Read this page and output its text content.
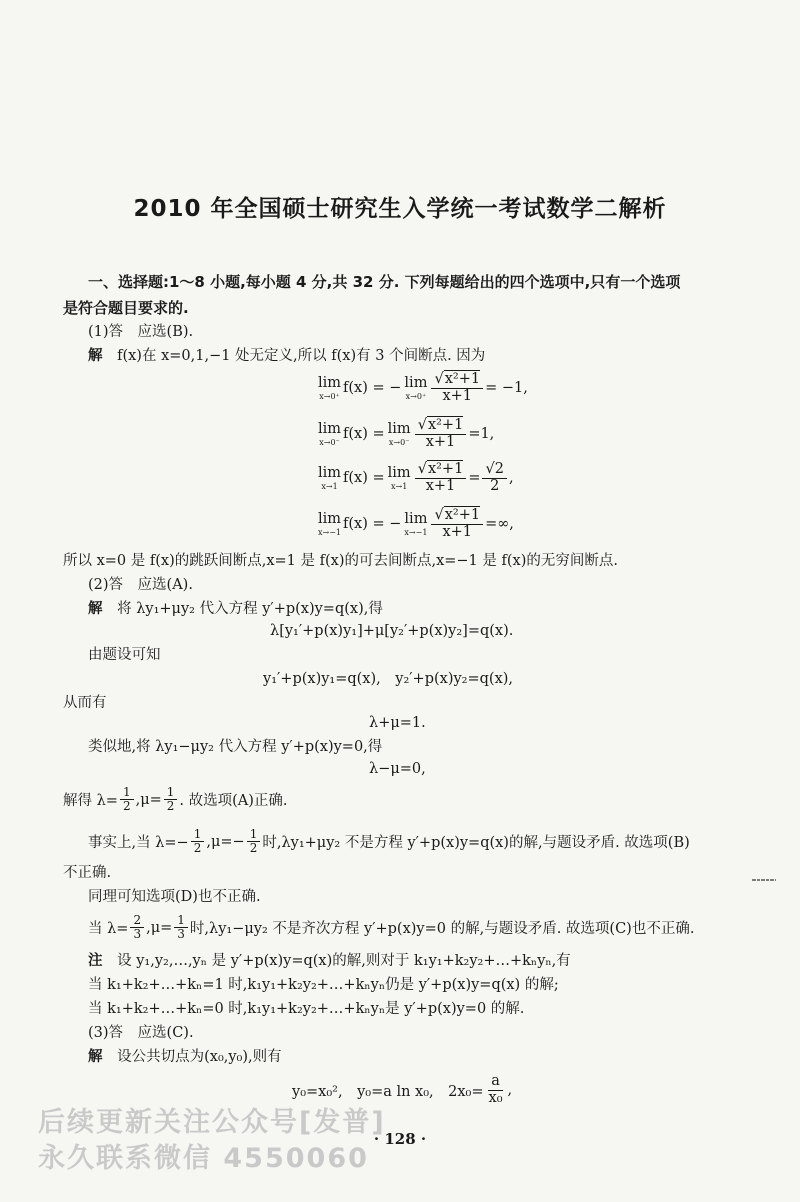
2010 年全国硕士研究生入学统一考试数学二解析
一、选择题:1～8 小题,每小题 4 分,共 32 分. 下列每题给出的四个选项中,只有一个选项
是符合题目要求的.
(1)答　应选(B).
解 f(x)在 x=0,1,−1 处无定义,所以 f(x)有 3 个间断点. 因为
lim
x→0⁺ f(x) = − lim
$x\to 0^+ \frac{\text{√x²+1}}{x+1} = -1$,
lim
x→0⁻ f(x) = lim
$x\to 0^- \frac{\text{√x²+1}}{x+1} =1$,
lim
x→1 f(x) = lim
$x\to 1 \frac{\text{√x²+1}}{x+1} = \frac{√2}{2}$ ,
lim
x→−1 f(x) = − lim
$x\to-1 \frac{\text{√x²+1}}{x+1}$ =∞,
所以 x=0 是 f(x)的跳跃间断点,x=1 是 f(x)的可去间断点,x=−1 是 f(x)的无穷间断点.
(2)答　应选(A).
解 将 λy₁+μy₂ 代入方程 y′+p(x)y=q(x),得
λ[y₁′+p(x)y₁]+μ[y₂′+p(x)y₂]=q(x).
由题设可知
y₁′+p(x)y₁=q(x),　y₂′+p(x)y₂=q(x),
从而有
λ+μ=1.
类似地,将 λy₁−μy₂ 代入方程 y′+p(x)y=0,得
λ−μ=0,
解得 $\lambda= \frac{1}{2} ,\mu= \frac{1}{2}$ . 故选项(A)正确.
事实上,当 $\lambda=- \frac{1}{2} ,\mu=- \frac{1}{2}$ 时,λy₁+μy₂ 不是方程 y′+p(x)y=q(x)的解,与题设矛盾. 故选项(B)
不正确.
同理可知选项(D)也不正确.
当 $\lambda= \frac{2}{3} ,\mu= \frac{1}{3}$ 时,λy₁−μy₂ 不是齐次方程 y′+p(x)y=0 的解,与题设矛盾. 故选项(C)也不正确.
注 设 y₁,y₂,…,yₙ 是 y′+p(x)y=q(x)的解,则对于 k₁y₁+k₂y₂+…+kₙyₙ,有
当 k₁+k₂+…+kₙ=1 时,k₁y₁+k₂y₂+…+kₙyₙ仍是 y′+p(x)y=q(x) 的解;
当 k₁+k₂+…+kₙ=0 时,k₁y₁+k₂y₂+…+kₙyₙ是 y′+p(x)y=0 的解.
(3)答　应选(C).
解 设公共切点为(x₀,y₀),则有
y₀=x₀²,　y₀=a ln x₀,　$2x_0= \frac{a}{\text{x₀}}$ ,
后续更新关注公众号[发普]
永久联系微信 4550060
· 128 ·
